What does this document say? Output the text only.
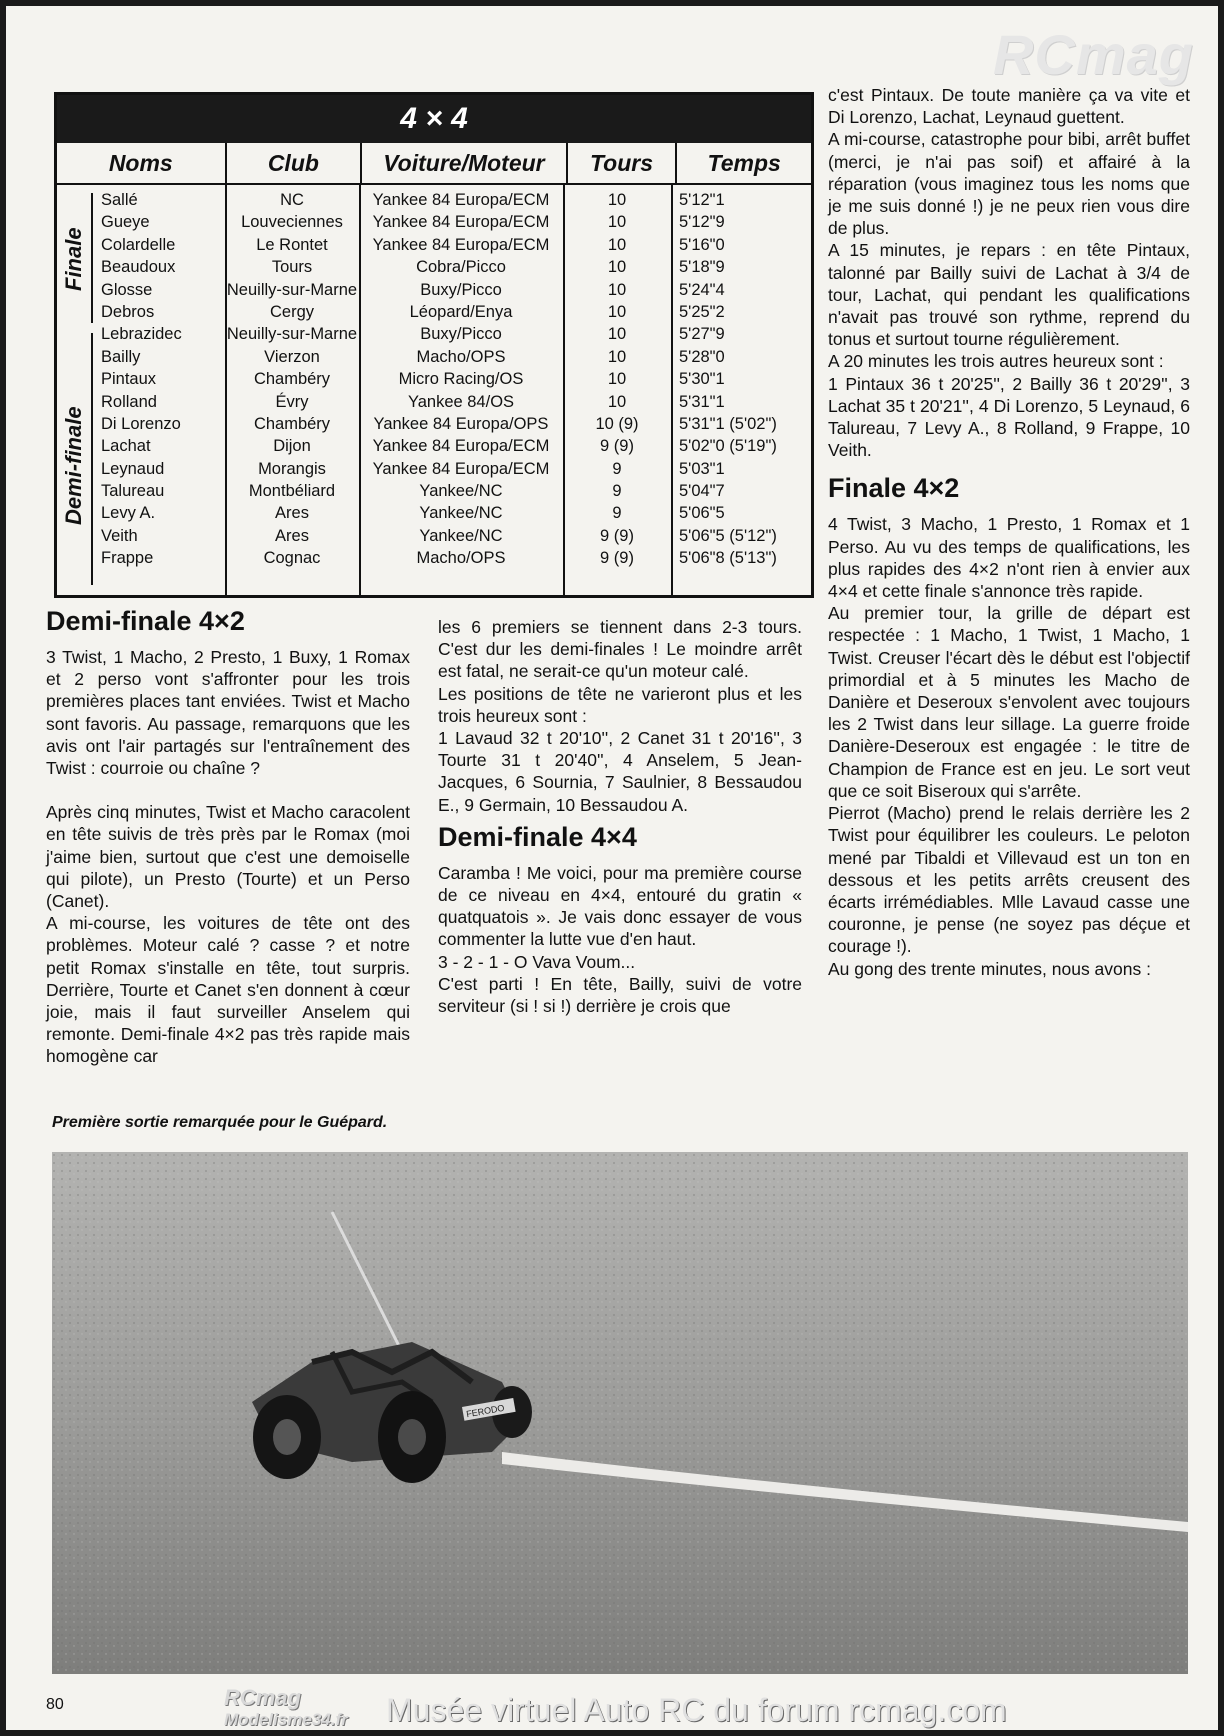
RCmag
4 × 4
Noms	Club	Voiture/Moteur	Tours	Temps
Finale
Demi-finale
Sallé	NC	Yankee 84 Europa/ECM	10	5'12"1
Gueye	Louveciennes	Yankee 84 Europa/ECM	10	5'12"9
Colardelle	Le Rontet	Yankee 84 Europa/ECM	10	5'16"0
Beaudoux	Tours	Cobra/Picco	10	5'18"9
Glosse	Neuilly-sur-Marne	Buxy/Picco	10	5'24"4
Debros	Cergy	Léopard/Enya	10	5'25"2
Lebrazidec	Neuilly-sur-Marne	Buxy/Picco	10	5'27"9
Bailly	Vierzon	Macho/OPS	10	5'28"0
Pintaux	Chambéry	Micro Racing/OS	10	5'30"1
Rolland	Évry	Yankee 84/OS	10	5'31"1
Di Lorenzo	Chambéry	Yankee 84 Europa/OPS	10 (9)	5'31"1 (5'02")
Lachat	Dijon	Yankee 84 Europa/ECM	9 (9)	5'02"0 (5'19")
Leynaud	Morangis	Yankee 84 Europa/ECM	9	5'03"1
Talureau	Montbéliard	Yankee/NC	9	5'04"7
Levy A.	Ares	Yankee/NC	9	5'06"5
Veith	Ares	Yankee/NC	9 (9)	5'06"5 (5'12")
Frappe	Cognac	Macho/OPS	9 (9)	5'06"8 (5'13")
Demi-finale 4×2

3 Twist, 1 Macho, 2 Presto, 1 Buxy, 1 Romax et 2 perso vont s'affronter pour les trois premières places tant enviées. Twist et Macho sont favoris. Au passage, remarquons que les avis ont l'air partagés sur l'entraînement des Twist : courroie ou chaîne ?

Après cinq minutes, Twist et Macho caracolent en tête suivis de très près par le Romax (moi j'aime bien, surtout que c'est une demoiselle qui pilote), un Presto (Tourte) et un Perso (Canet).

A mi-course, les voitures de tête ont des problèmes. Moteur calé ? casse ? et notre petit Romax s'installe en tête, tout surpris. Derrière, Tourte et Canet s'en donnent à cœur joie, mais il faut surveiller Anselem qui remonte. Demi-finale 4×2 pas très rapide mais homogène car

les 6 premiers se tiennent dans 2-3 tours. C'est dur les demi-finales ! Le moindre arrêt est fatal, ne serait-ce qu'un moteur calé.

Les positions de tête ne varieront plus et les trois heureux sont :

1 Lavaud 32 t 20'10'', 2 Canet 31 t 20'16'', 3 Tourte 31 t 20'40'', 4 Anselem, 5 Jean-Jacques, 6 Sournia, 7 Saulnier, 8 Bessaudou E., 9 Germain, 10 Bessaudou A.

Demi-finale 4×4

Caramba ! Me voici, pour ma première course de ce niveau en 4×4, entouré du gratin « quatquatois ». Je vais donc essayer de vous commenter la lutte vue d'en haut.

3 - 2 - 1 - O Vava Voum...

C'est parti ! En tête, Bailly, suivi de votre serviteur (si ! si !) derrière je crois que

c'est Pintaux. De toute manière ça va vite et Di Lorenzo, Lachat, Leynaud guettent.

A mi-course, catastrophe pour bibi, arrêt buffet (merci, je n'ai pas soif) et affairé à la réparation (vous imaginez tous les noms que je me suis donné !) je ne peux rien vous dire de plus.

A 15 minutes, je repars : en tête Pintaux, talonné par Bailly suivi de Lachat à 3/4 de tour, Lachat, qui pendant les qualifications n'avait pas trouvé son rythme, reprend du tonus et surtout tourne régulièrement.

A 20 minutes les trois autres heureux sont :

1 Pintaux 36 t 20'25'', 2 Bailly 36 t 20'29'', 3 Lachat 35 t 20'21'', 4 Di Lorenzo, 5 Leynaud, 6 Talureau, 7 Levy A., 8 Rolland, 9 Frappe, 10 Veith.

Finale 4×2

4 Twist, 3 Macho, 1 Presto, 1 Romax et 1 Perso. Au vu des temps de qualifications, les plus rapides des 4×2 n'ont rien à envier aux 4×4 et cette finale s'annonce très rapide.

Au premier tour, la grille de départ est respectée : 1 Macho, 1 Twist, 1 Macho, 1 Twist. Creuser l'écart dès le début est l'objectif primordial et à 5 minutes les Macho de Danière et Deseroux s'envolent avec toujours les 2 Twist dans leur sillage. La guerre froide Danière-Deseroux est engagée : le titre de Champion de France est en jeu. Le sort veut que ce soit Biseroux qui s'arrête.

Pierrot (Macho) prend le relais derrière les 2 Twist pour équilibrer les couleurs. Le peloton mené par Tibaldi et Villevaud est un ton en dessous et les petits arrêts creusent des écarts irrémédiables. Mlle Lavaud casse une couronne, je pense (ne soyez pas déçue et courage !).

Au gong des trente minutes, nous avons :

Première sortie remarquée pour le Guépard.
FERODO
80	RCmag
Modelisme34.fr Musée virtuel Auto RC du forum rcmag.com
